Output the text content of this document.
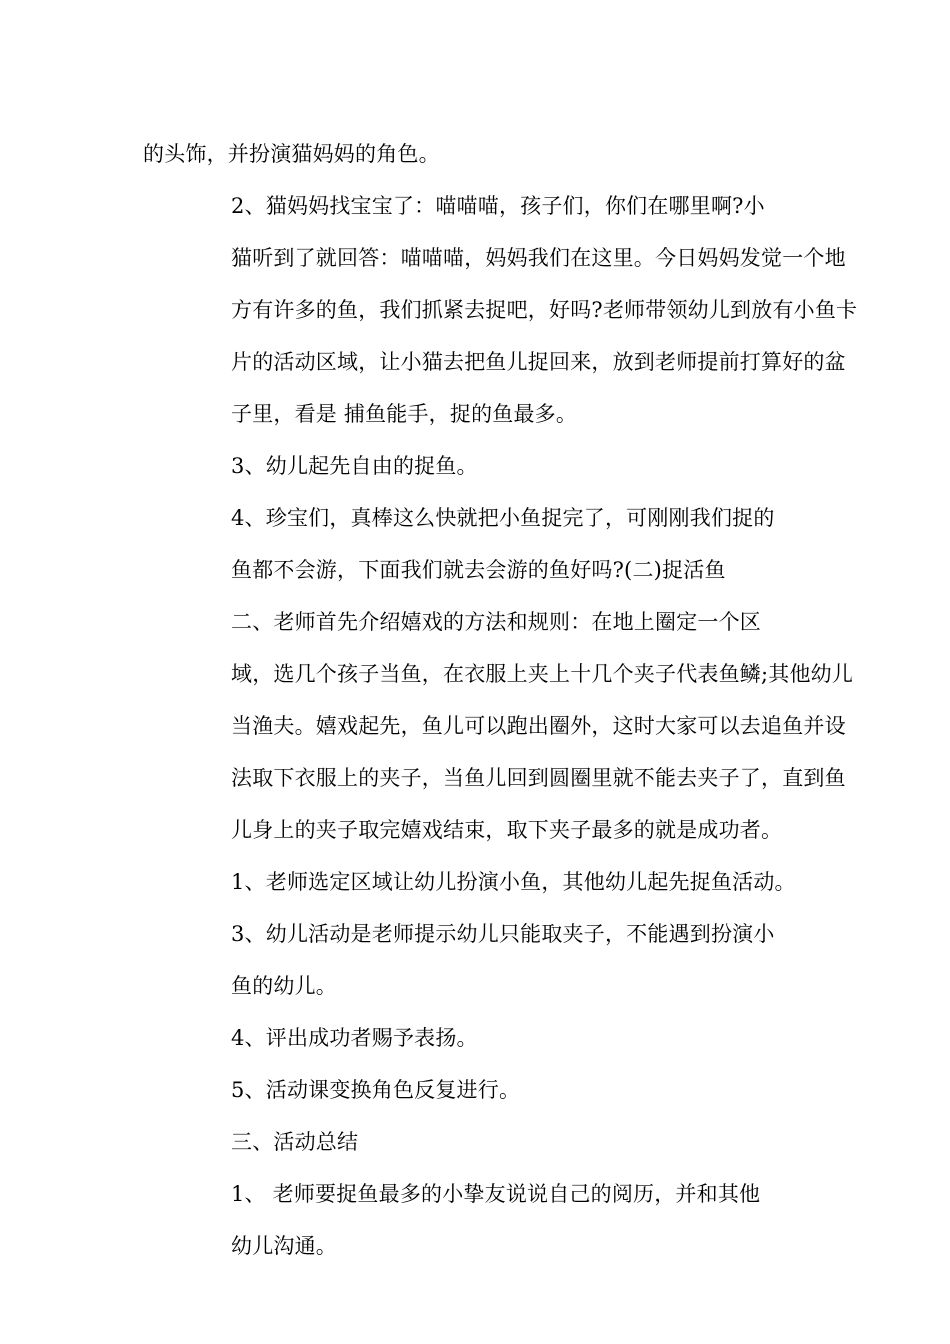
的头饰，并扮演猫妈妈的角色。

2、猫妈妈找宝宝了：喵喵喵，孩子们，你们在哪里啊?小
猫听到了就回答：喵喵喵，妈妈我们在这里。今日妈妈发觉一个地
方有许多的鱼，我们抓紧去捉吧，好吗?老师带领幼儿到放有小鱼卡
片的活动区域，让小猫去把鱼儿捉回来，放到老师提前打算好的盆
子里，看是 捕鱼能手，捉的鱼最多。

3、幼儿起先自由的捉鱼。

4、珍宝们，真棒这么快就把小鱼捉完了，可刚刚我们捉的
鱼都不会游，下面我们就去会游的鱼好吗?(二)捉活鱼

二、老师首先介绍嬉戏的方法和规则：在地上圈定一个区
域，选几个孩子当鱼，在衣服上夹上十几个夹子代表鱼鳞;其他幼儿
当渔夫。嬉戏起先，鱼儿可以跑出圈外，这时大家可以去追鱼并设
法取下衣服上的夹子，当鱼儿回到圆圈里就不能去夹子了，直到鱼
儿身上的夹子取完嬉戏结束，取下夹子最多的就是成功者。

1、老师选定区域让幼儿扮演小鱼，其他幼儿起先捉鱼活动。

3、幼儿活动是老师提示幼儿只能取夹子，不能遇到扮演小
鱼的幼儿。

4、评出成功者赐予表扬。

5、活动课变换角色反复进行。

三、活动总结

1、 老师要捉鱼最多的小挚友说说自己的阅历，并和其他
幼儿沟通。
